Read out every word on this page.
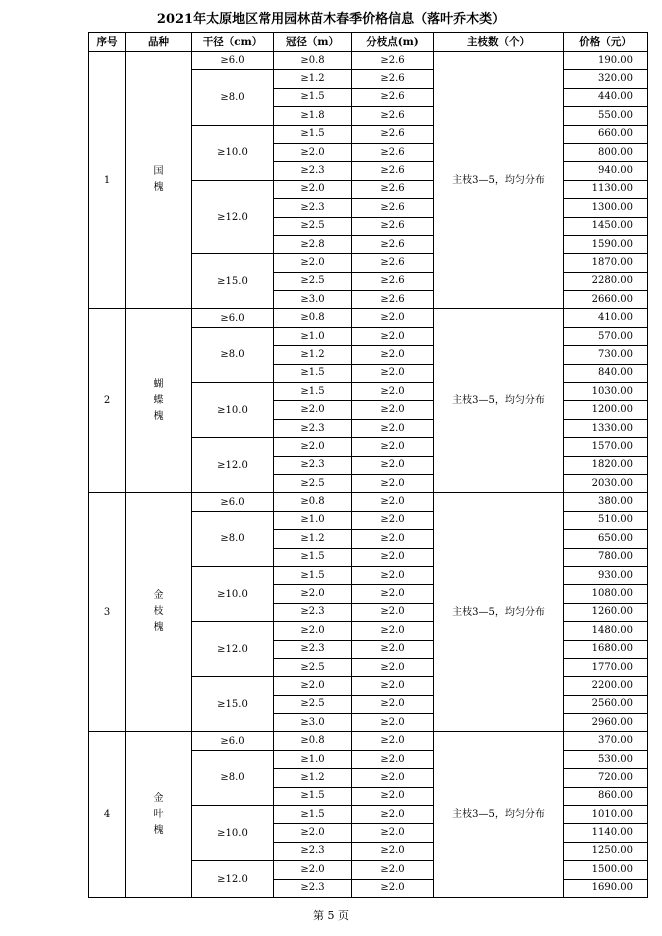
2021年太原地区常用园林苗木春季价格信息（落叶乔木类）
序号	品种	干径（cm）	冠径（m）	分枝点(m)	主枝数（个）	价格（元）
1	国槐	≥6.0	≥0.8	≥2.6	主枝3—5，均匀分布	190.00
		≥8.0	≥1.2	≥2.6		320.00
			≥1.5	≥2.6		440.00
			≥1.8	≥2.6		550.00
		≥10.0	≥1.5	≥2.6		660.00
			≥2.0	≥2.6		800.00
			≥2.3	≥2.6		940.00
		≥12.0	≥2.0	≥2.6		1130.00
			≥2.3	≥2.6		1300.00
			≥2.5	≥2.6		1450.00
			≥2.8	≥2.6		1590.00
		≥15.0	≥2.0	≥2.6		1870.00
			≥2.5	≥2.6		2280.00
			≥3.0	≥2.6		2660.00
2	蝴蝶槐	≥6.0	≥0.8	≥2.0	主枝3—5，均匀分布	410.00
		≥8.0	≥1.0	≥2.0		570.00
			≥1.2	≥2.0		730.00
			≥1.5	≥2.0		840.00
		≥10.0	≥1.5	≥2.0		1030.00
			≥2.0	≥2.0		1200.00
			≥2.3	≥2.0		1330.00
		≥12.0	≥2.0	≥2.0		1570.00
			≥2.3	≥2.0		1820.00
			≥2.5	≥2.0		2030.00
3	金枝槐	≥6.0	≥0.8	≥2.0	主枝3—5，均匀分布	380.00
		≥8.0	≥1.0	≥2.0		510.00
			≥1.2	≥2.0		650.00
			≥1.5	≥2.0		780.00
		≥10.0	≥1.5	≥2.0		930.00
			≥2.0	≥2.0		1080.00
			≥2.3	≥2.0		1260.00
		≥12.0	≥2.0	≥2.0		1480.00
			≥2.3	≥2.0		1680.00
			≥2.5	≥2.0		1770.00
		≥15.0	≥2.0	≥2.0		2200.00
			≥2.5	≥2.0		2560.00
			≥3.0	≥2.0		2960.00
4	金叶槐	≥6.0	≥0.8	≥2.0	主枝3—5，均匀分布	370.00
		≥8.0	≥1.0	≥2.0		530.00
			≥1.2	≥2.0		720.00
			≥1.5	≥2.0		860.00
		≥10.0	≥1.5	≥2.0		1010.00
			≥2.0	≥2.0		1140.00
			≥2.3	≥2.0		1250.00
		≥12.0	≥2.0	≥2.0		1500.00
			≥2.3	≥2.0		1690.00
第 5 页
